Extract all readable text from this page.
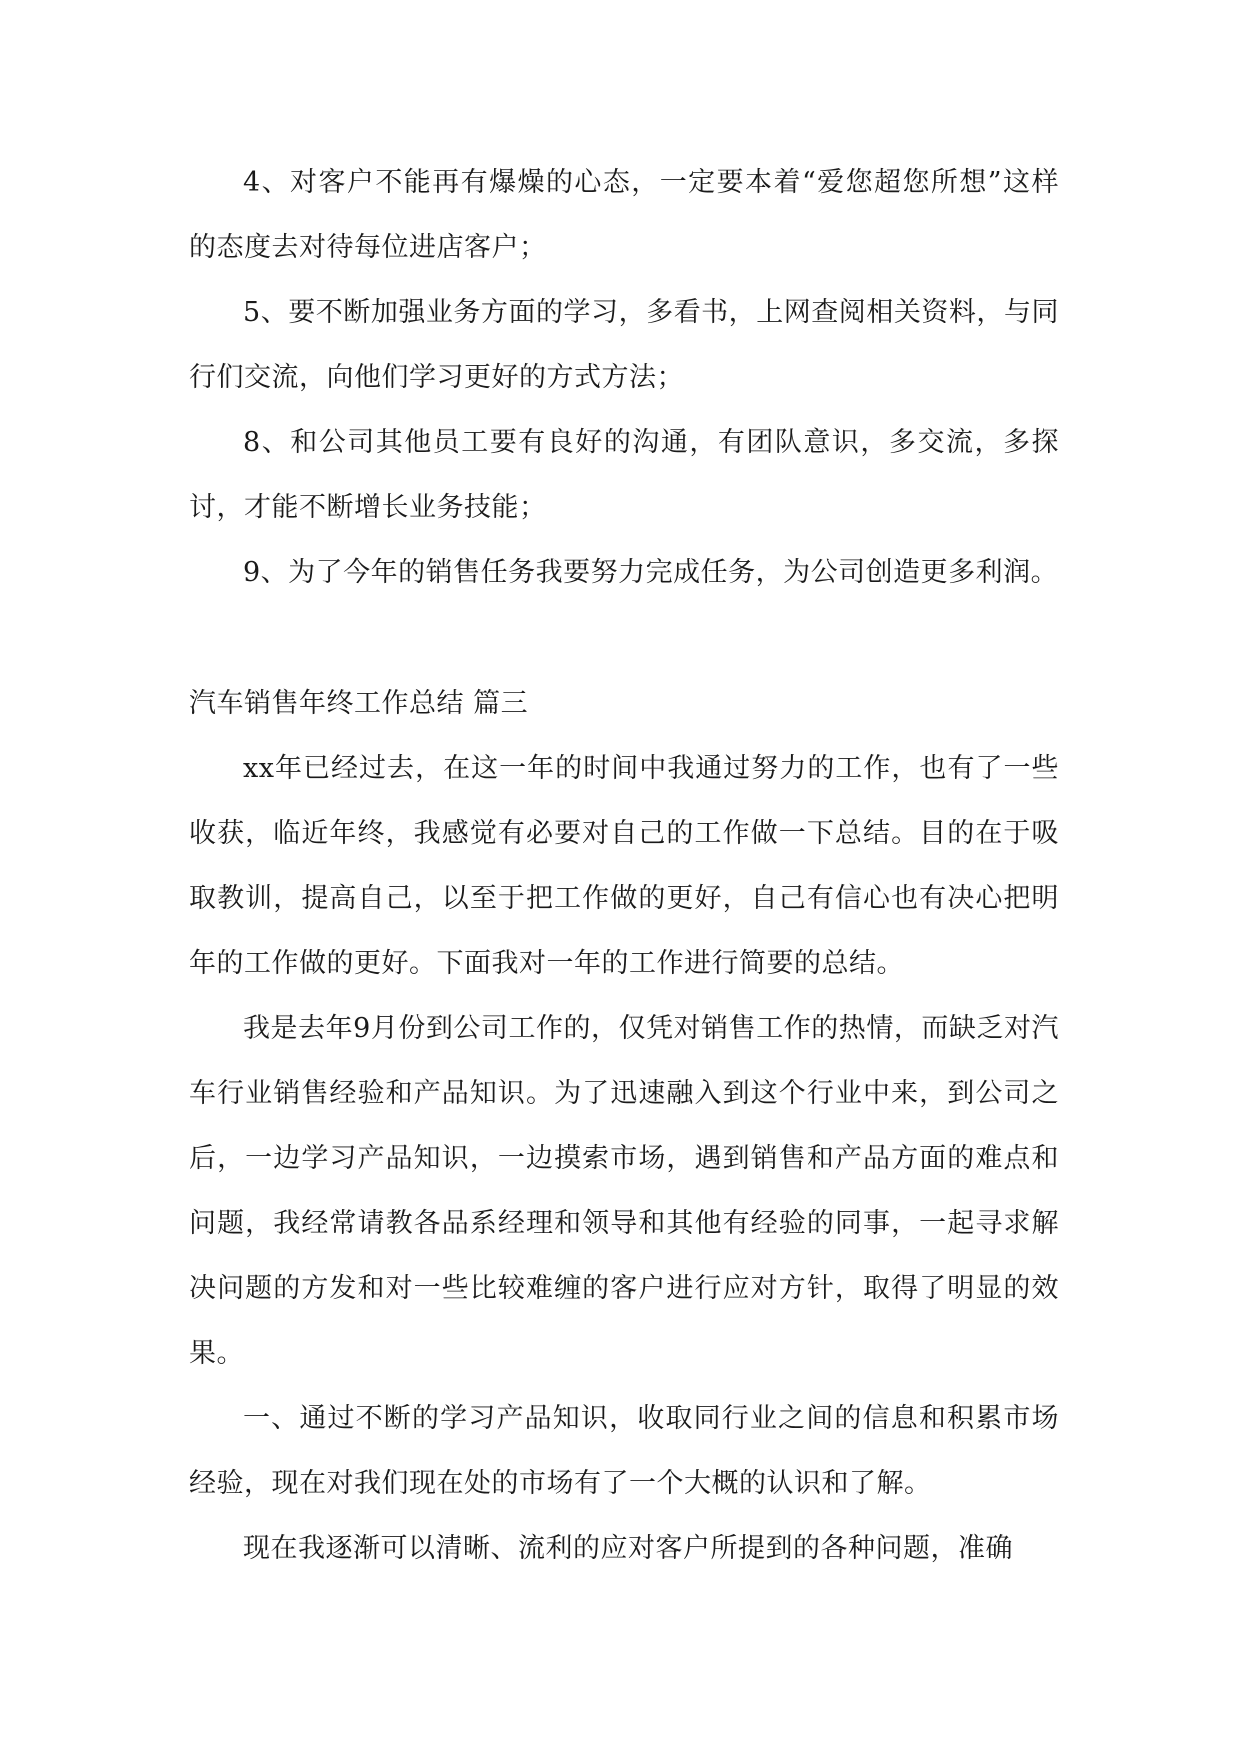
4、对客户不能再有爆燥的心态，一定要本着“爱您超您所想”这样的态度去对待每位进店客户；

5、要不断加强业务方面的学习，多看书，上网查阅相关资料，与同行们交流，向他们学习更好的方式方法；

8、和公司其他员工要有良好的沟通，有团队意识，多交流，多探讨，才能不断增长业务技能；

9、为了今年的销售任务我要努力完成任务，为公司创造更多利润。

汽车销售年终工作总结 篇三

xx年已经过去，在这一年的时间中我通过努力的工作，也有了一些收获，临近年终，我感觉有必要对自己的工作做一下总结。目的在于吸取教训，提高自己，以至于把工作做的更好，自己有信心也有决心把明年的工作做的更好。下面我对一年的工作进行简要的总结。

我是去年9月份到公司工作的，仅凭对销售工作的热情，而缺乏对汽车行业销售经验和产品知识。为了迅速融入到这个行业中来，到公司之后，一边学习产品知识，一边摸索市场，遇到销售和产品方面的难点和问题，我经常请教各品系经理和领导和其他有经验的同事，一起寻求解决问题的方发和对一些比较难缠的客户进行应对方针，取得了明显的效果。

一、通过不断的学习产品知识，收取同行业之间的信息和积累市场经验，现在对我们现在处的市场有了一个大概的认识和了解。

现在我逐渐可以清晰、流利的应对客户所提到的各种问题，准确
